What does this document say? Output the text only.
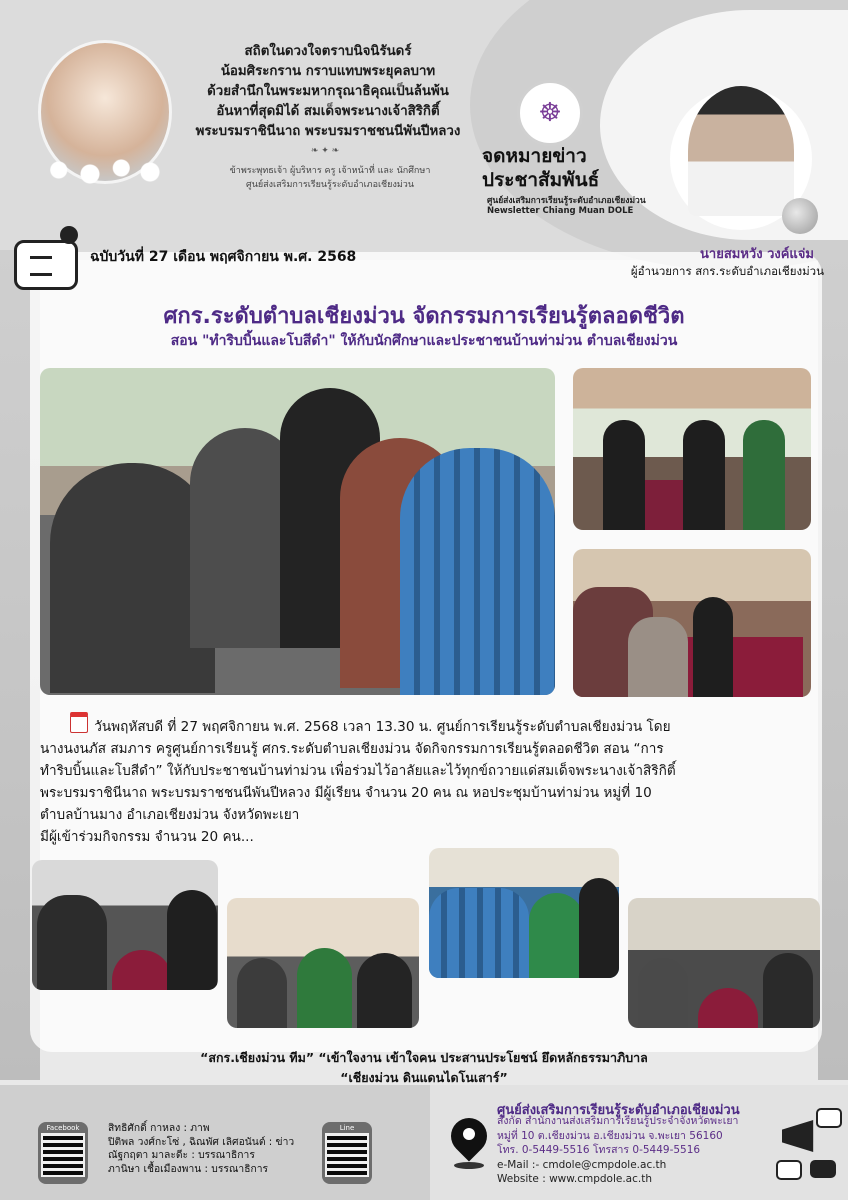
สถิตในดวงใจตราบนิจนิรันดร์
น้อมศิระกราน กราบแทบพระยุคลบาท
ด้วยสำนึกในพระมหากรุณาธิคุณเป็นล้นพ้น
อันหาที่สุดมิได้ สมเด็จพระนางเจ้าสิริกิติ์
พระบรมราชินีนาถ พระบรมราชชนนีพันปีหลวง
❧ ✦ ❧
ข้าพระพุทธเจ้า ผู้บริหาร ครู เจ้าหน้าที่ และ นักศึกษา
ศูนย์ส่งเสริมการเรียนรู้ระดับอำเภอเชียงม่วน
☸
จดหมายข่าว
ประชาสัมพันธ์
ศูนย์ส่งเสริมการเรียนรู้ระดับอำเภอเชียงม่วน
Newsletter Chiang Muan DOLE
นายสมหวัง วงค์แจ่ม
ผู้อำนวยการ สกร.ระดับอำเภอเชียงม่วน
ฉบับวันที่ 27 เดือน พฤศจิกายน พ.ศ. 2568
ศกร.ระดับตำบลเชียงม่วน จัดกรรมการเรียนรู้ตลอดชีวิต
สอน "ทำริบบิ้นและโบสีดำ" ให้กับนักศึกษาและประชาชนบ้านท่าม่วน ตำบลเชียงม่วน
วันพฤหัสบดี ที่ 27 พฤศจิกายน พ.ศ. 2568 เวลา 13.30 น. ศูนย์การเรียนรู้ระดับตำบลเชียงม่วน โดย
นางนงนภัส สมภาร ครูศูนย์การเรียนรู้ ศกร.ระดับตำบลเชียงม่วน จัดกิจกรรมการเรียนรู้ตลอดชีวิต สอน “การ
ทำริบบิ้นและโบสีดำ” ให้กับประชาชนบ้านท่าม่วน เพื่อร่วมไว้อาลัยและไว้ทุกข์ถวายแด่สมเด็จพระนางเจ้าสิริกิติ์
พระบรมราชินีนาถ พระบรมราชชนนีพันปีหลวง มีผู้เรียน จำนวน 20 คน ณ หอประชุมบ้านท่าม่วน หมู่ที่ 10
ตำบลบ้านมาง อำเภอเชียงม่วน จังหวัดพะเยา
มีผู้เข้าร่วมกิจกรรม จำนวน 20 คน...
“สกร.เชียงม่วน ทีม” “เข้าใจงาน เข้าใจคน ประสานประโยชน์ ยึดหลักธรรมาภิบาล
“เชียงม่วน ดินแดนไดโนเสาร์”
Facebook	สิทธิศักดิ์ กาหลง : ภาพ
ปิติพล วงศ์กะโซ่ , ฉิณพัศ เลิศอนันต์ : ข่าว
ณัฐกฤตา มาละดีะ : บรรณาธิการ
ภานิษา เชื้อเมืองพาน : บรรณาธิการ
Line
ศูนย์ส่งเสริมการเรียนรู้ระดับอำเภอเชียงม่วน
สังกัด สำนักงานส่งเสริมการเรียนรู้ประจำจังหวัดพะเยา
หมู่ที่ 10 ต.เชียงม่วน อ.เชียงม่วน จ.พะเยา 56160
โทร. 0-5449-5516 โทรสาร 0-5449-5516
e-Mail :- cmdole@cmpdole.ac.th
Website : www.cmpdole.ac.th
